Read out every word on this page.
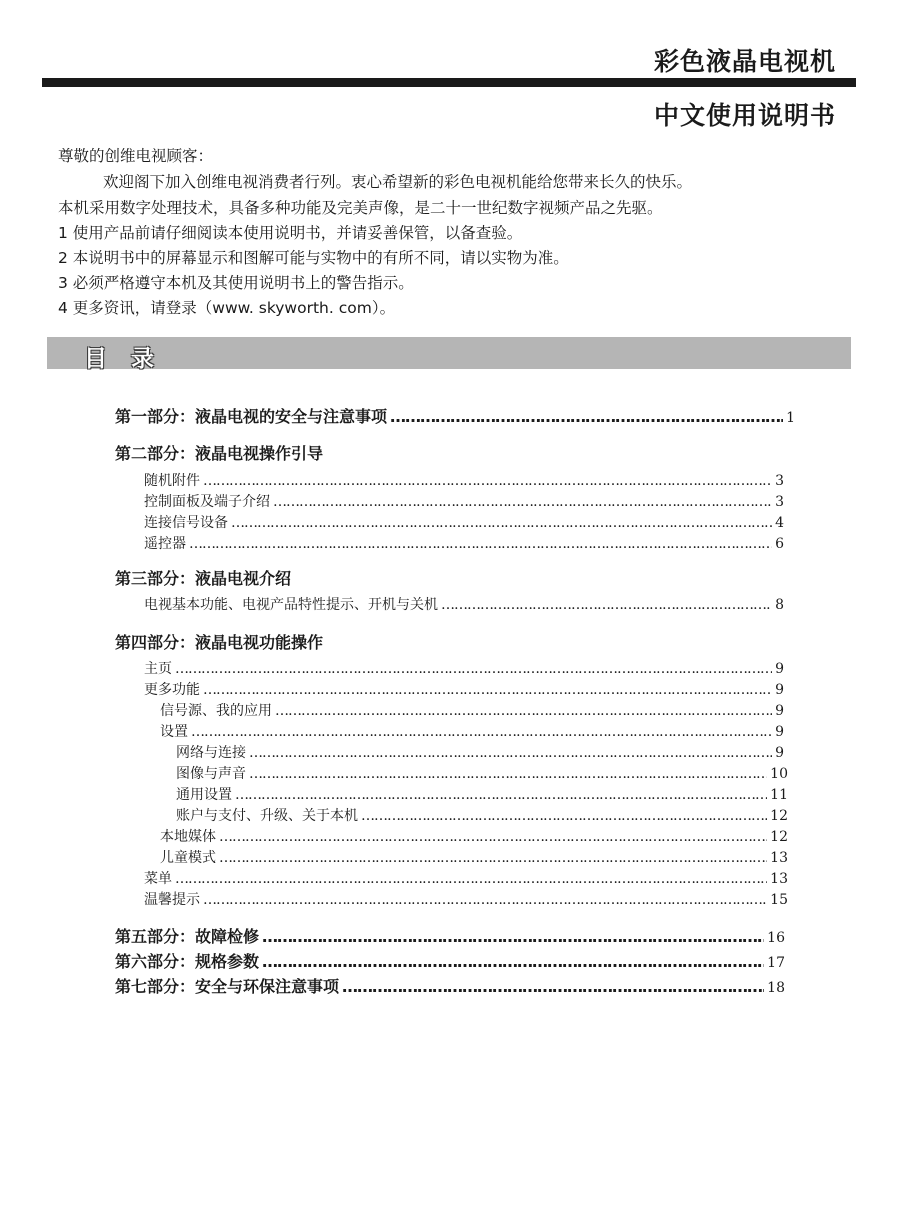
彩色液晶电视机
中文使用说明书
尊敬的创维电视顾客：
欢迎阁下加入创维电视消费者行列。衷心希望新的彩色电视机能给您带来长久的快乐。
本机采用数字处理技术，具备多种功能及完美声像，是二十一世纪数字视频产品之先驱。
1 使用产品前请仔细阅读本使用说明书，并请妥善保管，以备查验。
2 本说明书中的屏幕显示和图解可能与实物中的有所不同，请以实物为准。
3 必须严格遵守本机及其使用说明书上的警告指示。
4 更多资讯，请登录（www. skyworth. com）。
目 录
第一部分：液晶电视的安全与注意事项 ……………………………………………………………………………………………………………………………………………………………………………………………………………………………………	1
第二部分：液晶电视操作引导
随机附件 ……………………………………………………………………………………………………………………………………………………………………………………………………………………………………	3
控制面板及端子介绍 ……………………………………………………………………………………………………………………………………………………………………………………………………………………………………	3
连接信号设备 ……………………………………………………………………………………………………………………………………………………………………………………………………………………………………	4
遥控器 ……………………………………………………………………………………………………………………………………………………………………………………………………………………………………	6
第三部分：液晶电视介绍
电视基本功能、电视产品特性提示、开机与关机 ……………………………………………………………………………………………………………………………………………………………………………………………………………………………………	8
第四部分：液晶电视功能操作
主页 ……………………………………………………………………………………………………………………………………………………………………………………………………………………………………	9
更多功能 ……………………………………………………………………………………………………………………………………………………………………………………………………………………………………	9
信号源、我的应用 ……………………………………………………………………………………………………………………………………………………………………………………………………………………………………	9
设置 ……………………………………………………………………………………………………………………………………………………………………………………………………………………………………	9
网络与连接 ……………………………………………………………………………………………………………………………………………………………………………………………………………………………………	9
图像与声音 ……………………………………………………………………………………………………………………………………………………………………………………………………………………………………	10
通用设置 ……………………………………………………………………………………………………………………………………………………………………………………………………………………………………	11
账户与支付、升级、关于本机 ……………………………………………………………………………………………………………………………………………………………………………………………………………………………………	12
本地媒体 ……………………………………………………………………………………………………………………………………………………………………………………………………………………………………	12
儿童模式 ……………………………………………………………………………………………………………………………………………………………………………………………………………………………………	13
菜单 ……………………………………………………………………………………………………………………………………………………………………………………………………………………………………	13
温馨提示 ……………………………………………………………………………………………………………………………………………………………………………………………………………………………………	15
第五部分：故障检修 ……………………………………………………………………………………………………………………………………………………………………………………………………………………………………	16
第六部分：规格参数 ……………………………………………………………………………………………………………………………………………………………………………………………………………………………………	17
第七部分：安全与环保注意事项 ……………………………………………………………………………………………………………………………………………………………………………………………………………………………………	18
